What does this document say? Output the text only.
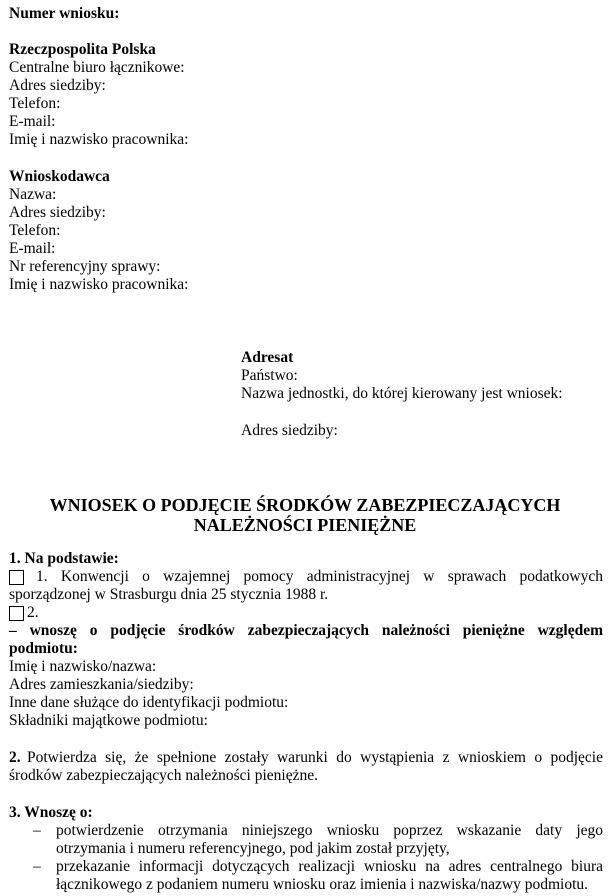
Numer wniosku:
Rzeczpospolita Polska
Centralne biuro łącznikowe:
Adres siedziby:
Telefon:
E-mail:
Imię i nazwisko pracownika:
Wnioskodawca
Nazwa:
Adres siedziby:
Telefon:
E-mail:
Nr referencyjny sprawy:
Imię i nazwisko pracownika:
Adresat
Państwo:
Nazwa jednostki, do której kierowany jest wniosek:
Adres siedziby:
WNIOSEK O PODJĘCIE ŚRODKÓW ZABEZPIECZAJĄCYCH
NALEŻNOŚCI PIENIĘŻNE
1. Na podstawie:
1. Konwencji o wzajemnej pomocy administracyjnej w sprawach podatkowych
sporządzonej w Strasburgu dnia 25 stycznia 1988 r.
2.
– wnoszę o podjęcie środków zabezpieczających należności pieniężne względem
podmiotu:
Imię i nazwisko/nazwa:
Adres zamieszkania/siedziby:
Inne dane służące do identyfikacji podmiotu:
Składniki majątkowe podmiotu:
2. Potwierdza się, że spełnione zostały warunki do wystąpienia z wnioskiem o podjęcie
środków zabezpieczających należności pieniężne.
3. Wnoszę o:
– potwierdzenie otrzymania niniejszego wniosku poprzez wskazanie daty jego
otrzymania i numeru referencyjnego, pod jakim został przyjęty,
– przekazanie informacji dotyczących realizacji wniosku na adres centralnego biura
łącznikowego z podaniem numeru wniosku oraz imienia i nazwiska/nazwy podmiotu.
